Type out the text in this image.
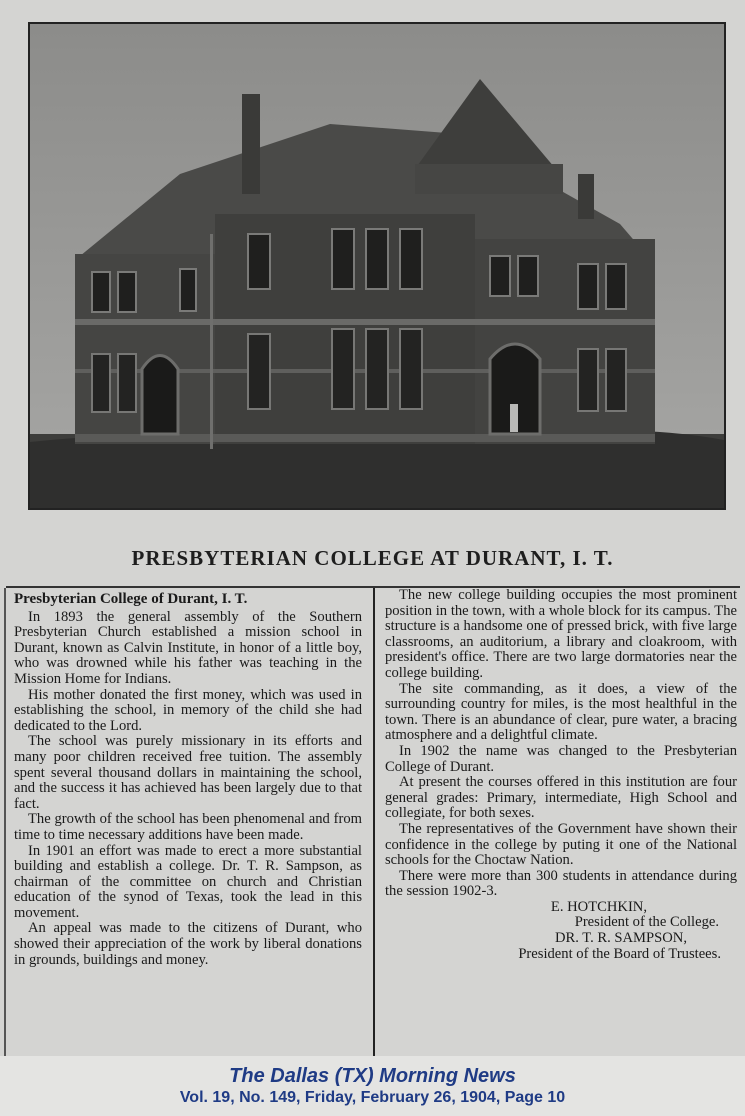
PRESBYTERIAN COLLEGE AT DURANT, I. T.

Presbyterian College of Durant, I. T.

In 1893 the general assembly of the Southern Presbyterian Church established a mission school in Durant, known as Calvin Institute, in honor of a little boy, who was drowned while his father was teaching in the Mission Home for Indians.

His mother donated the first money, which was used in establishing the school, in memory of the child she had dedicated to the Lord.

The school was purely missionary in its efforts and many poor children received free tuition. The assembly spent several thousand dollars in maintaining the school, and the success it has achieved has been largely due to that fact.

The growth of the school has been phenomenal and from time to time necessary additions have been made.

In 1901 an effort was made to erect a more substantial building and establish a college. Dr. T. R. Sampson, as chairman of the committee on church and Christian education of the synod of Texas, took the lead in this movement.

An appeal was made to the citizens of Durant, who showed their appreciation of the work by liberal donations in grounds, buildings and money.

The new college building occupies the most prominent position in the town, with a whole block for its campus. The structure is a handsome one of pressed brick, with five large classrooms, an auditorium, a library and cloakroom, with president's office. There are two large dormatories near the college building.

The site commanding, as it does, a view of the surrounding country for miles, is the most healthful in the town. There is an abundance of clear, pure water, a bracing atmosphere and a delightful climate.

In 1902 the name was changed to the Presbyterian College of Durant.

At present the courses offered in this institution are four general grades: Primary, intermediate, High School and collegiate, for both sexes.

The representatives of the Government have shown their confidence in the college by puting it one of the National schools for the Choctaw Nation.

There were more than 300 students in attendance during the session 1902-3.

E. HOTCHKIN,

President of the College.

DR. T. R. SAMPSON,

President of the Board of Trustees.

The Dallas (TX) Morning News
Vol. 19, No. 149, Friday, February 26, 1904, Page 10
